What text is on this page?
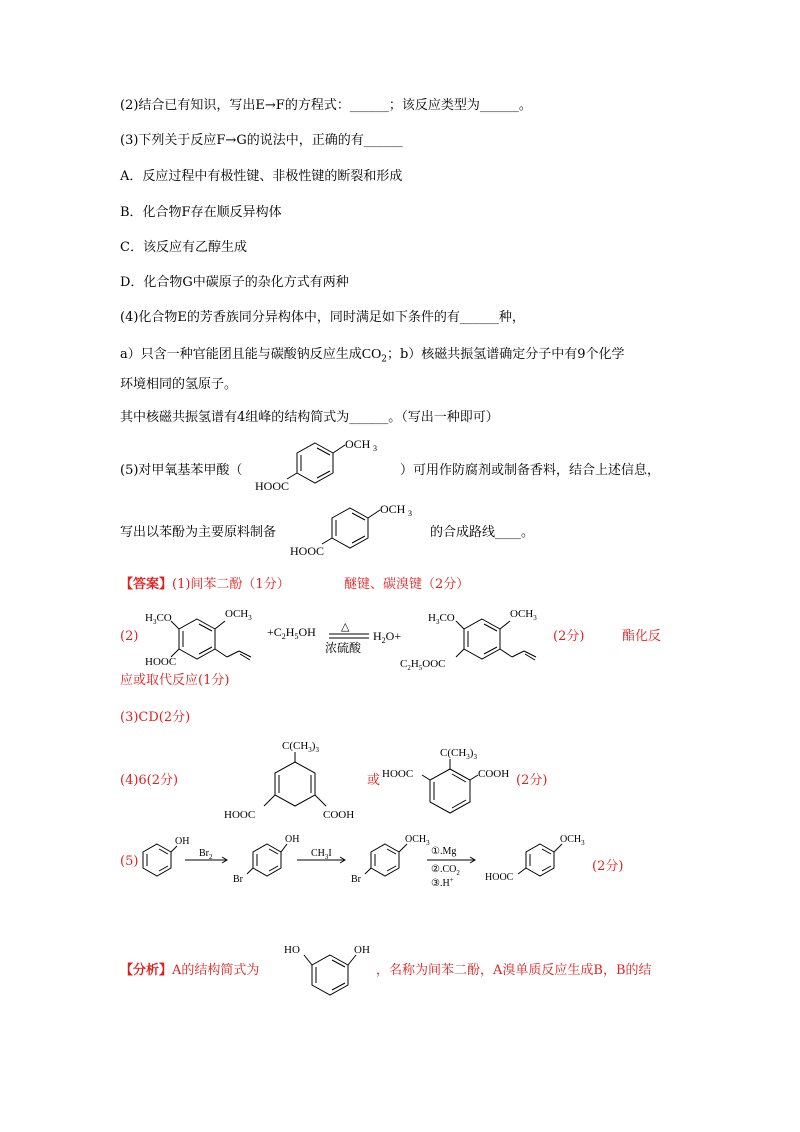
(2)结合已有知识，写出E→F的方程式：______；该反应类型为______。
(3)下列关于反应F→G的说法中，正确的有______
A．反应过程中有极性键、非极性键的断裂和形成
B．化合物F存在顺反异构体
C．该反应有乙醇生成
D．化合物G中碳原子的杂化方式有两种
(4)化合物E的芳香族同分异构体中，同时满足如下条件的有______种，
a）只含一种官能团且能与碳酸钠反应生成$CO_2$；b）核磁共振氢谱确定分子中有9个化学
环境相同的氢原子。
其中核磁共振氢谱有4组峰的结构简式为______。（写出一种即可）
(5)对甲氧基苯甲酸（	）可用作防腐剂或制备香料，结合上述信息，
写出以苯酚为主要原料制备	的合成路线____。
OCH 3
HOOC
OCH 3
HOOC
【答案】(1)间苯二酚（1分）	醚键、碳溴键（2分）
(2)
$H_3CO$	$OCH_3$
HOOC
$+C_2H_5OH$ △
浓硫酸
$H_2O+$
$H_3CO$	$OCH_3$
$C_2H_5OOC$
(2分)	酯化反
应或取代反应(1分)
(3)CD(2分)
(4)6(2分)
$C(CH_3)_3$
HOOC	COOH
或
$C(CH_3)_3$
HOOC	COOH (2分)
(5)
OH
$Br_2$
OH
Br
$CH_3I$
$OCH_3$
Br
①.Mg
$②.CO_2$
③.H+
$OCH_3$
HOOC
(2分)
【分析】A的结构简式为
HO	OH
，名称为间苯二酚，A溴单质反应生成B，B的结
